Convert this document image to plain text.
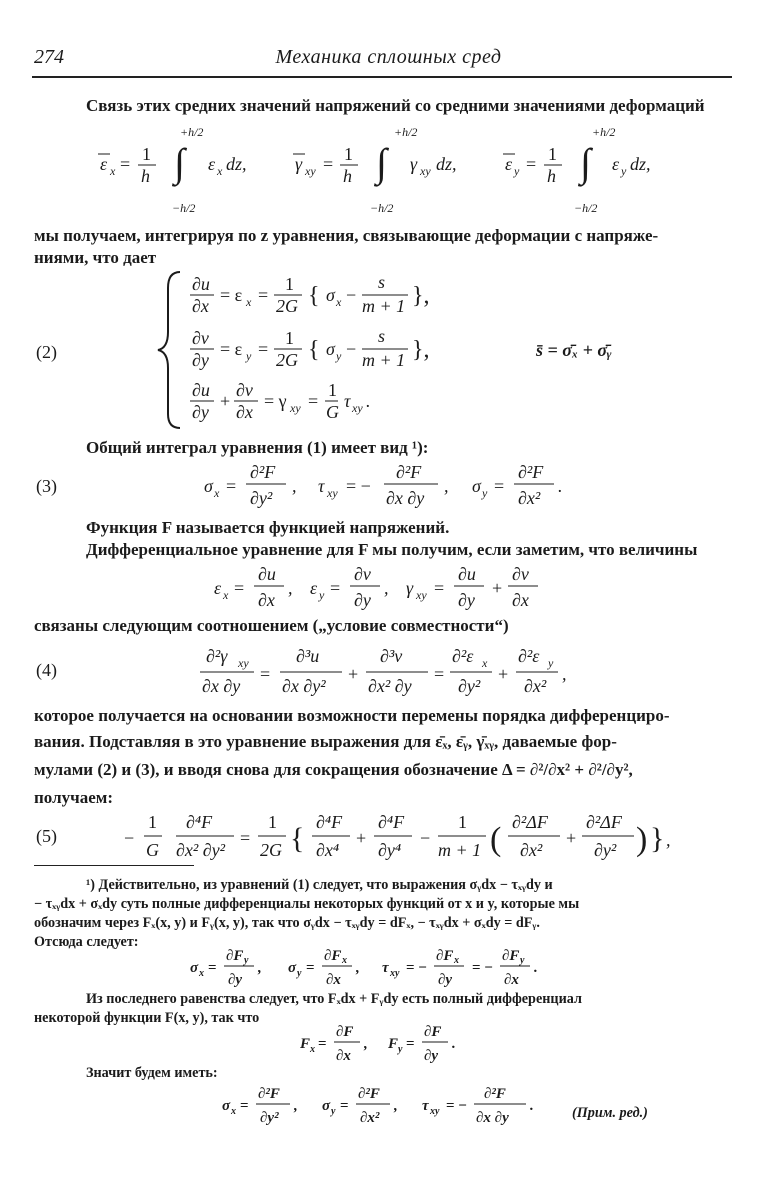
274	Механика сплошных сред
Связь этих средних значений напряжений со средними значениями деформаций
ε x = 1
h ∫
+h/2
−h/2
ε x dz,	γ xy = 1
h ∫
+h/2
−h/2
γ xy dz,	ε y = 1
h ∫
+h/2
−h/2
ε y dz,
мы получаем, интегрируя по z уравнения, связывающие деформации с напряже-
ниями, что дает
(2)
∂u
∂x
= ε x =
1
2G { σ x −
s
m + 1 },
∂v
∂y
= ε y =
1
2G { σ y −
s
m + 1 },
∂u
∂y
+
∂v
∂x
= γ xy =
1
G
τ xy .
s̄ = σ̄ₓ + σ̄ᵧ
Общий интеграл уравнения (1) имеет вид ¹):
(3)	σ x =
∂²F
∂y²
, τ xy = −
∂²F
∂x ∂y
, σ y =
∂²F
∂x²
.
Функция F называется функцией напряжений.
Дифференциальное уравнение для F мы получим, если заметим, что величины
ε x =
∂u
∂x
, ε y =
∂v
∂y
, γ xy =
∂u
∂y
+
∂v
∂x
связаны следующим соотношением („условие совместности“)
(4)
∂²γ xy
∂x ∂y
=
∂³u
∂x ∂y²
+
∂³v
∂x² ∂y
=
∂²ε x
∂y²
+
∂²ε y
∂x²
,
которое получается на основании возможности перемены порядка дифференциро-
вания. Подставляя в это уравнение выражения для ε̄ₓ, ε̄ᵧ, γ̄ₓᵧ, даваемые фор-
мулами (2) и (3), и вводя снова для сокращения обозначение Δ = ∂²/∂x² + ∂²/∂y²,
получаем:
(5)	−
1
G
∂⁴F
∂x² ∂y²
=
1
2G { ∂⁴F
∂x⁴
+
∂⁴F
∂y⁴
−
1
m + 1 ( ∂²ΔF
∂x²
+
∂²ΔF
∂y² ) } ,
¹) Действительно, из уравнений (1) следует, что выражения σᵧdx − τₓᵧdy и
− τₓᵧdx + σₓdy суть полные дифференциалы некоторых функций от x и y, которые мы
обозначим через Fₓ(x, y) и Fᵧ(x, y), так что σᵧdx − τₓᵧdy = dFₓ, − τₓᵧdx + σₓdy = dFᵧ.
Отсюда следует:
σ x =
∂F y
∂y
, σ y =
∂F x
∂x
, τ xy = −
∂F x
∂y
= −
∂F y
∂x
.
Из последнего равенства следует, что Fₓdx + Fᵧdy есть полный дифференциал
некоторой функции F(x, y), так что
F x =
∂F
∂x
, F y =
∂F
∂y
.
Значит будем иметь:
σ x =
∂²F
∂y²
, σ y =
∂²F
∂x²
, τ xy = −
∂²F
∂x ∂y
.	(Прим. ред.)
